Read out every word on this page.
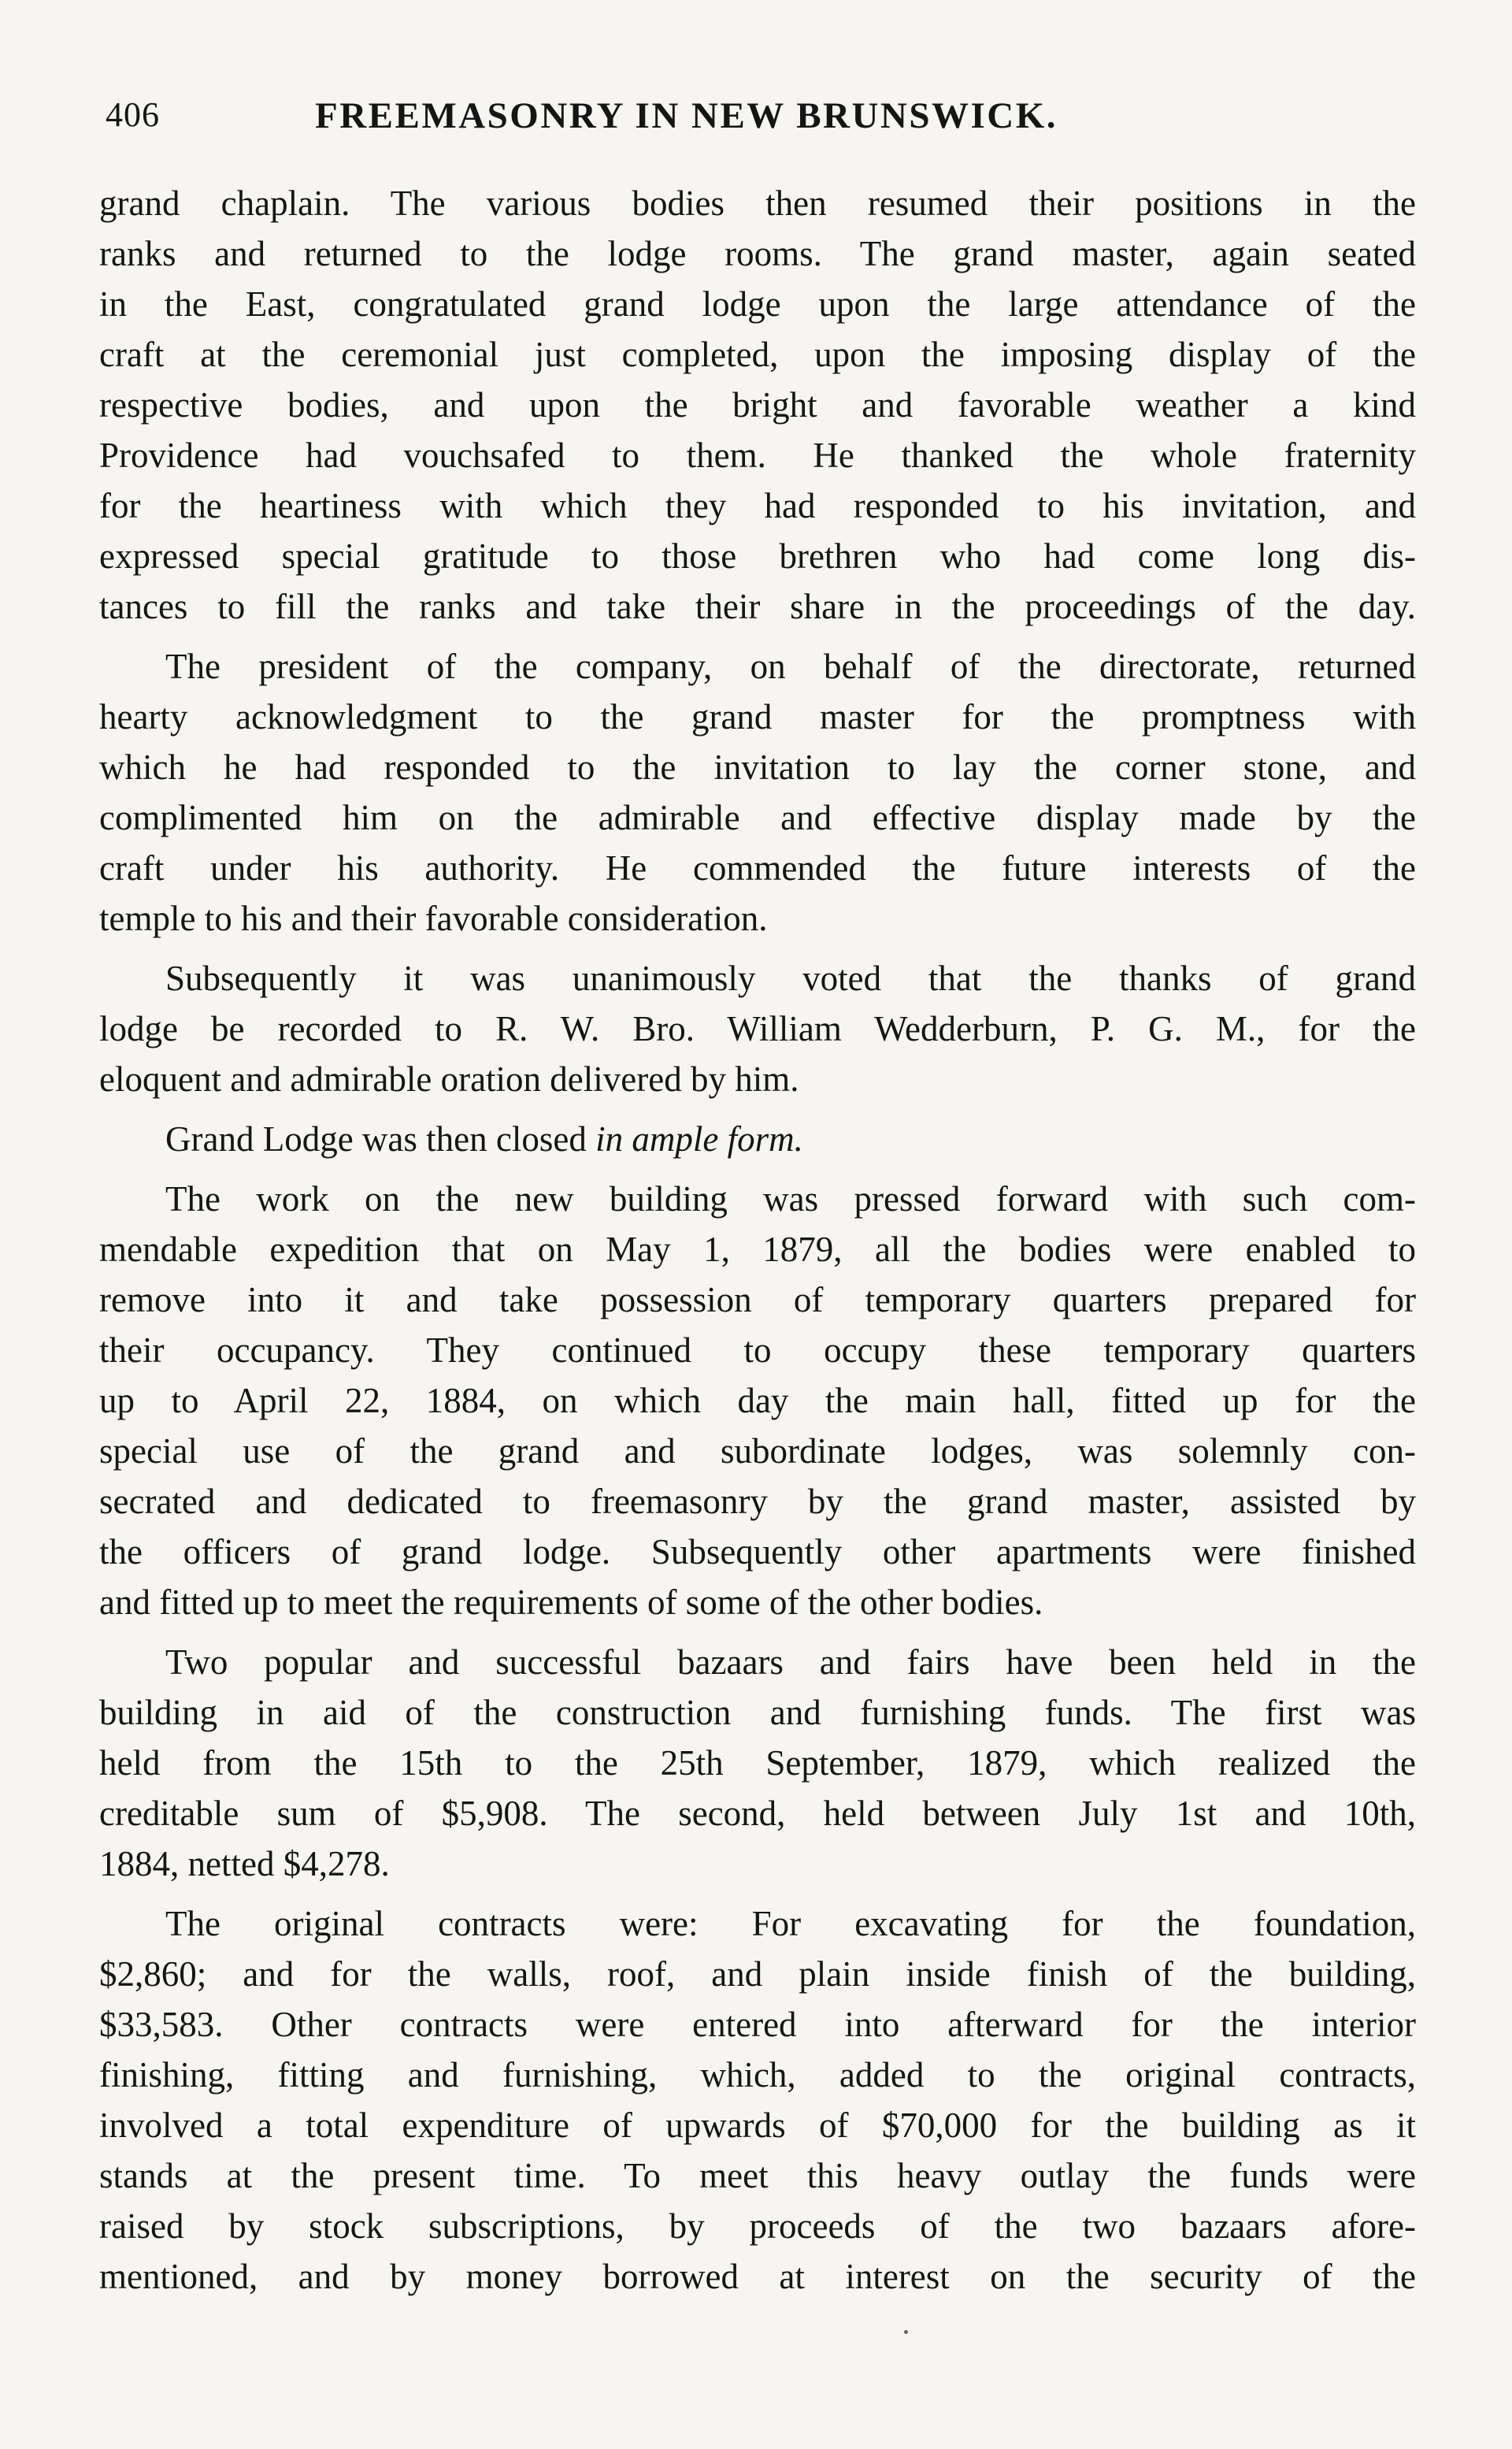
406	FREEMASONRY IN NEW BRUNSWICK.
grand chaplain. The various bodies then resumed their positions in the
ranks and returned to the lodge rooms. The grand master, again seated
in the East, congratulated grand lodge upon the large attendance of the
craft at the ceremonial just completed, upon the imposing display of the
respective bodies, and upon the bright and favorable weather a kind
Providence had vouchsafed to them. He thanked the whole fraternity
for the heartiness with which they had responded to his invitation, and
expressed special gratitude to those brethren who had come long dis-
tances to fill the ranks and take their share in the proceedings of the day.
The president of the company, on behalf of the directorate, returned
hearty acknowledgment to the grand master for the promptness with
which he had responded to the invitation to lay the corner stone, and
complimented him on the admirable and effective display made by the
craft under his authority. He commended the future interests of the
temple to his and their favorable consideration.
Subsequently it was unanimously voted that the thanks of grand
lodge be recorded to R. W. Bro. William Wedderburn, P. G. M., for the
eloquent and admirable oration delivered by him.
Grand Lodge was then closed in ample form.
The work on the new building was pressed forward with such com-
mendable expedition that on May 1, 1879, all the bodies were enabled to
remove into it and take possession of temporary quarters prepared for
their occupancy. They continued to occupy these temporary quarters
up to April 22, 1884, on which day the main hall, fitted up for the
special use of the grand and subordinate lodges, was solemnly con-
secrated and dedicated to freemasonry by the grand master, assisted by
the officers of grand lodge. Subsequently other apartments were finished
and fitted up to meet the requirements of some of the other bodies.
Two popular and successful bazaars and fairs have been held in the
building in aid of the construction and furnishing funds. The first was
held from the 15th to the 25th September, 1879, which realized the
creditable sum of $5,908. The second, held between July 1st and 10th,
1884, netted $4,278.
The original contracts were: For excavating for the foundation,
$2,860; and for the walls, roof, and plain inside finish of the building,
$33,583. Other contracts were entered into afterward for the interior
finishing, fitting and furnishing, which, added to the original contracts,
involved a total expenditure of upwards of $70,000 for the building as it
stands at the present time. To meet this heavy outlay the funds were
raised by stock subscriptions, by proceeds of the two bazaars afore-
mentioned, and by money borrowed at interest on the security of the
